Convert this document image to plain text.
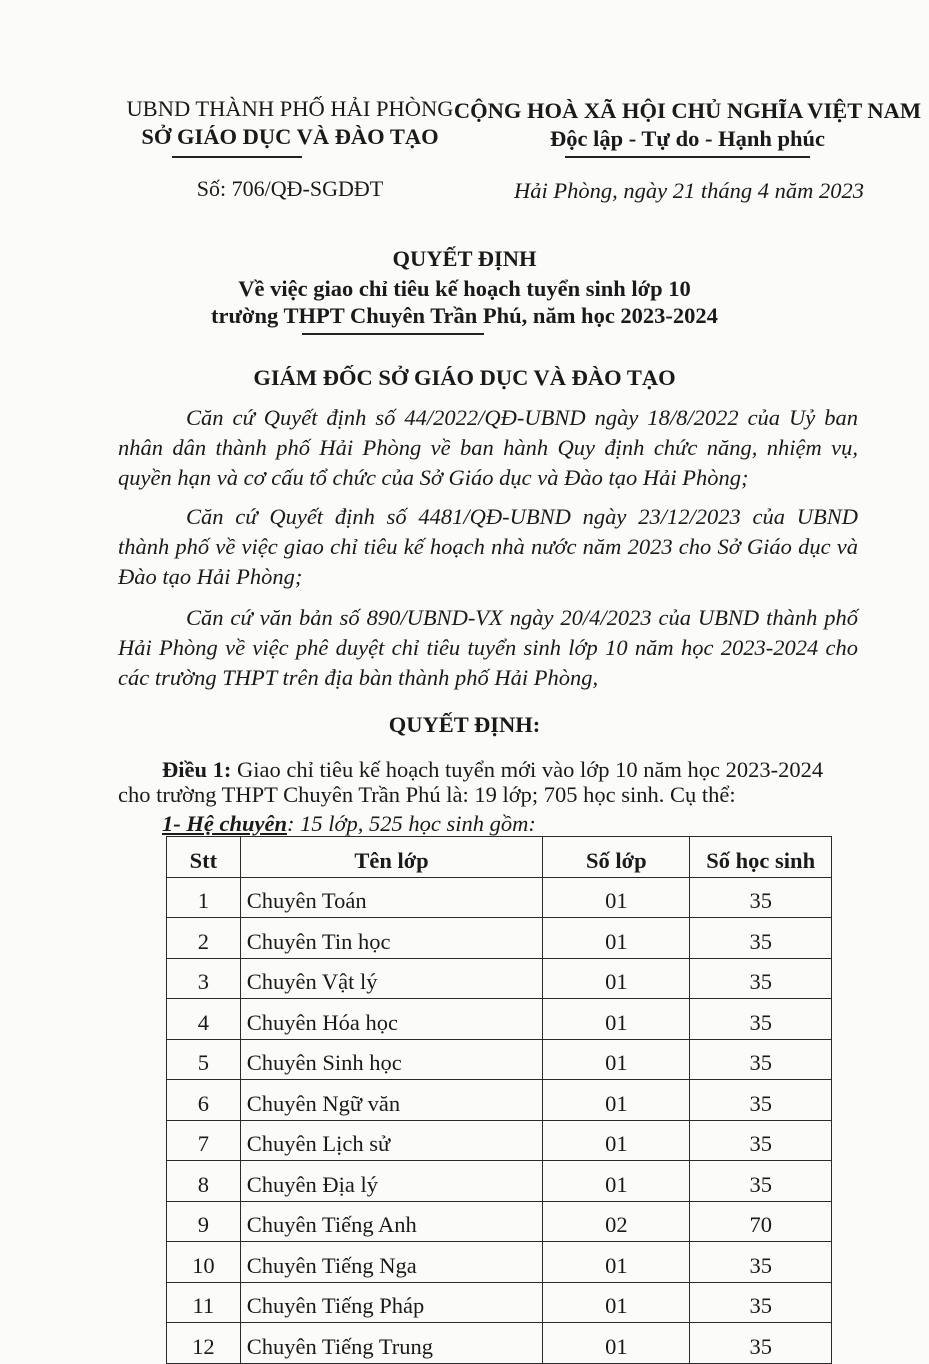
UBND THÀNH PHỐ HẢI PHÒNG
SỞ GIÁO DỤC VÀ ĐÀO TẠO
CỘNG HOÀ XÃ HỘI CHỦ NGHĨA VIỆT NAM
Độc lập - Tự do - Hạnh phúc
Số: 706/QĐ-SGDĐT	Hải Phòng, ngày 21 tháng 4 năm 2023
QUYẾT ĐỊNH
Về việc giao chỉ tiêu kế hoạch tuyển sinh lớp 10
trường THPT Chuyên Trần Phú, năm học 2023-2024
GIÁM ĐỐC SỞ GIÁO DỤC VÀ ĐÀO TẠO
Căn cứ Quyết định số 44/2022/QĐ-UBND ngày 18/8/2022 của Uỷ ban nhân dân thành phố Hải Phòng về ban hành Quy định chức năng, nhiệm vụ, quyền hạn và cơ cấu tổ chức của Sở Giáo dục và Đào tạo Hải Phòng;
Căn cứ Quyết định số 4481/QĐ-UBND ngày 23/12/2023 của UBND thành phố về việc giao chỉ tiêu kế hoạch nhà nước năm 2023 cho Sở Giáo dục và Đào tạo Hải Phòng;
Căn cứ văn bản số 890/UBND-VX ngày 20/4/2023 của UBND thành phố Hải Phòng về việc phê duyệt chỉ tiêu tuyển sinh lớp 10 năm học 2023-2024 cho các trường THPT trên địa bàn thành phố Hải Phòng,
QUYẾT ĐỊNH:
Điều 1: Giao chỉ tiêu kế hoạch tuyển mới vào lớp 10 năm học 2023-2024 cho trường THPT Chuyên Trần Phú là: 19 lớp; 705 học sinh. Cụ thể:
1- Hệ chuyên: 15 lớp, 525 học sinh gồm:
Stt	Tên lớp	Số lớp	Số học sinh
1	Chuyên Toán	01	35
2	Chuyên Tin học	01	35
3	Chuyên Vật lý	01	35
4	Chuyên Hóa học	01	35
5	Chuyên Sinh học	01	35
6	Chuyên Ngữ văn	01	35
7	Chuyên Lịch sử	01	35
8	Chuyên Địa lý	01	35
9	Chuyên Tiếng Anh	02	70
10	Chuyên Tiếng Nga	01	35
11	Chuyên Tiếng Pháp	01	35
12	Chuyên Tiếng Trung	01	35
